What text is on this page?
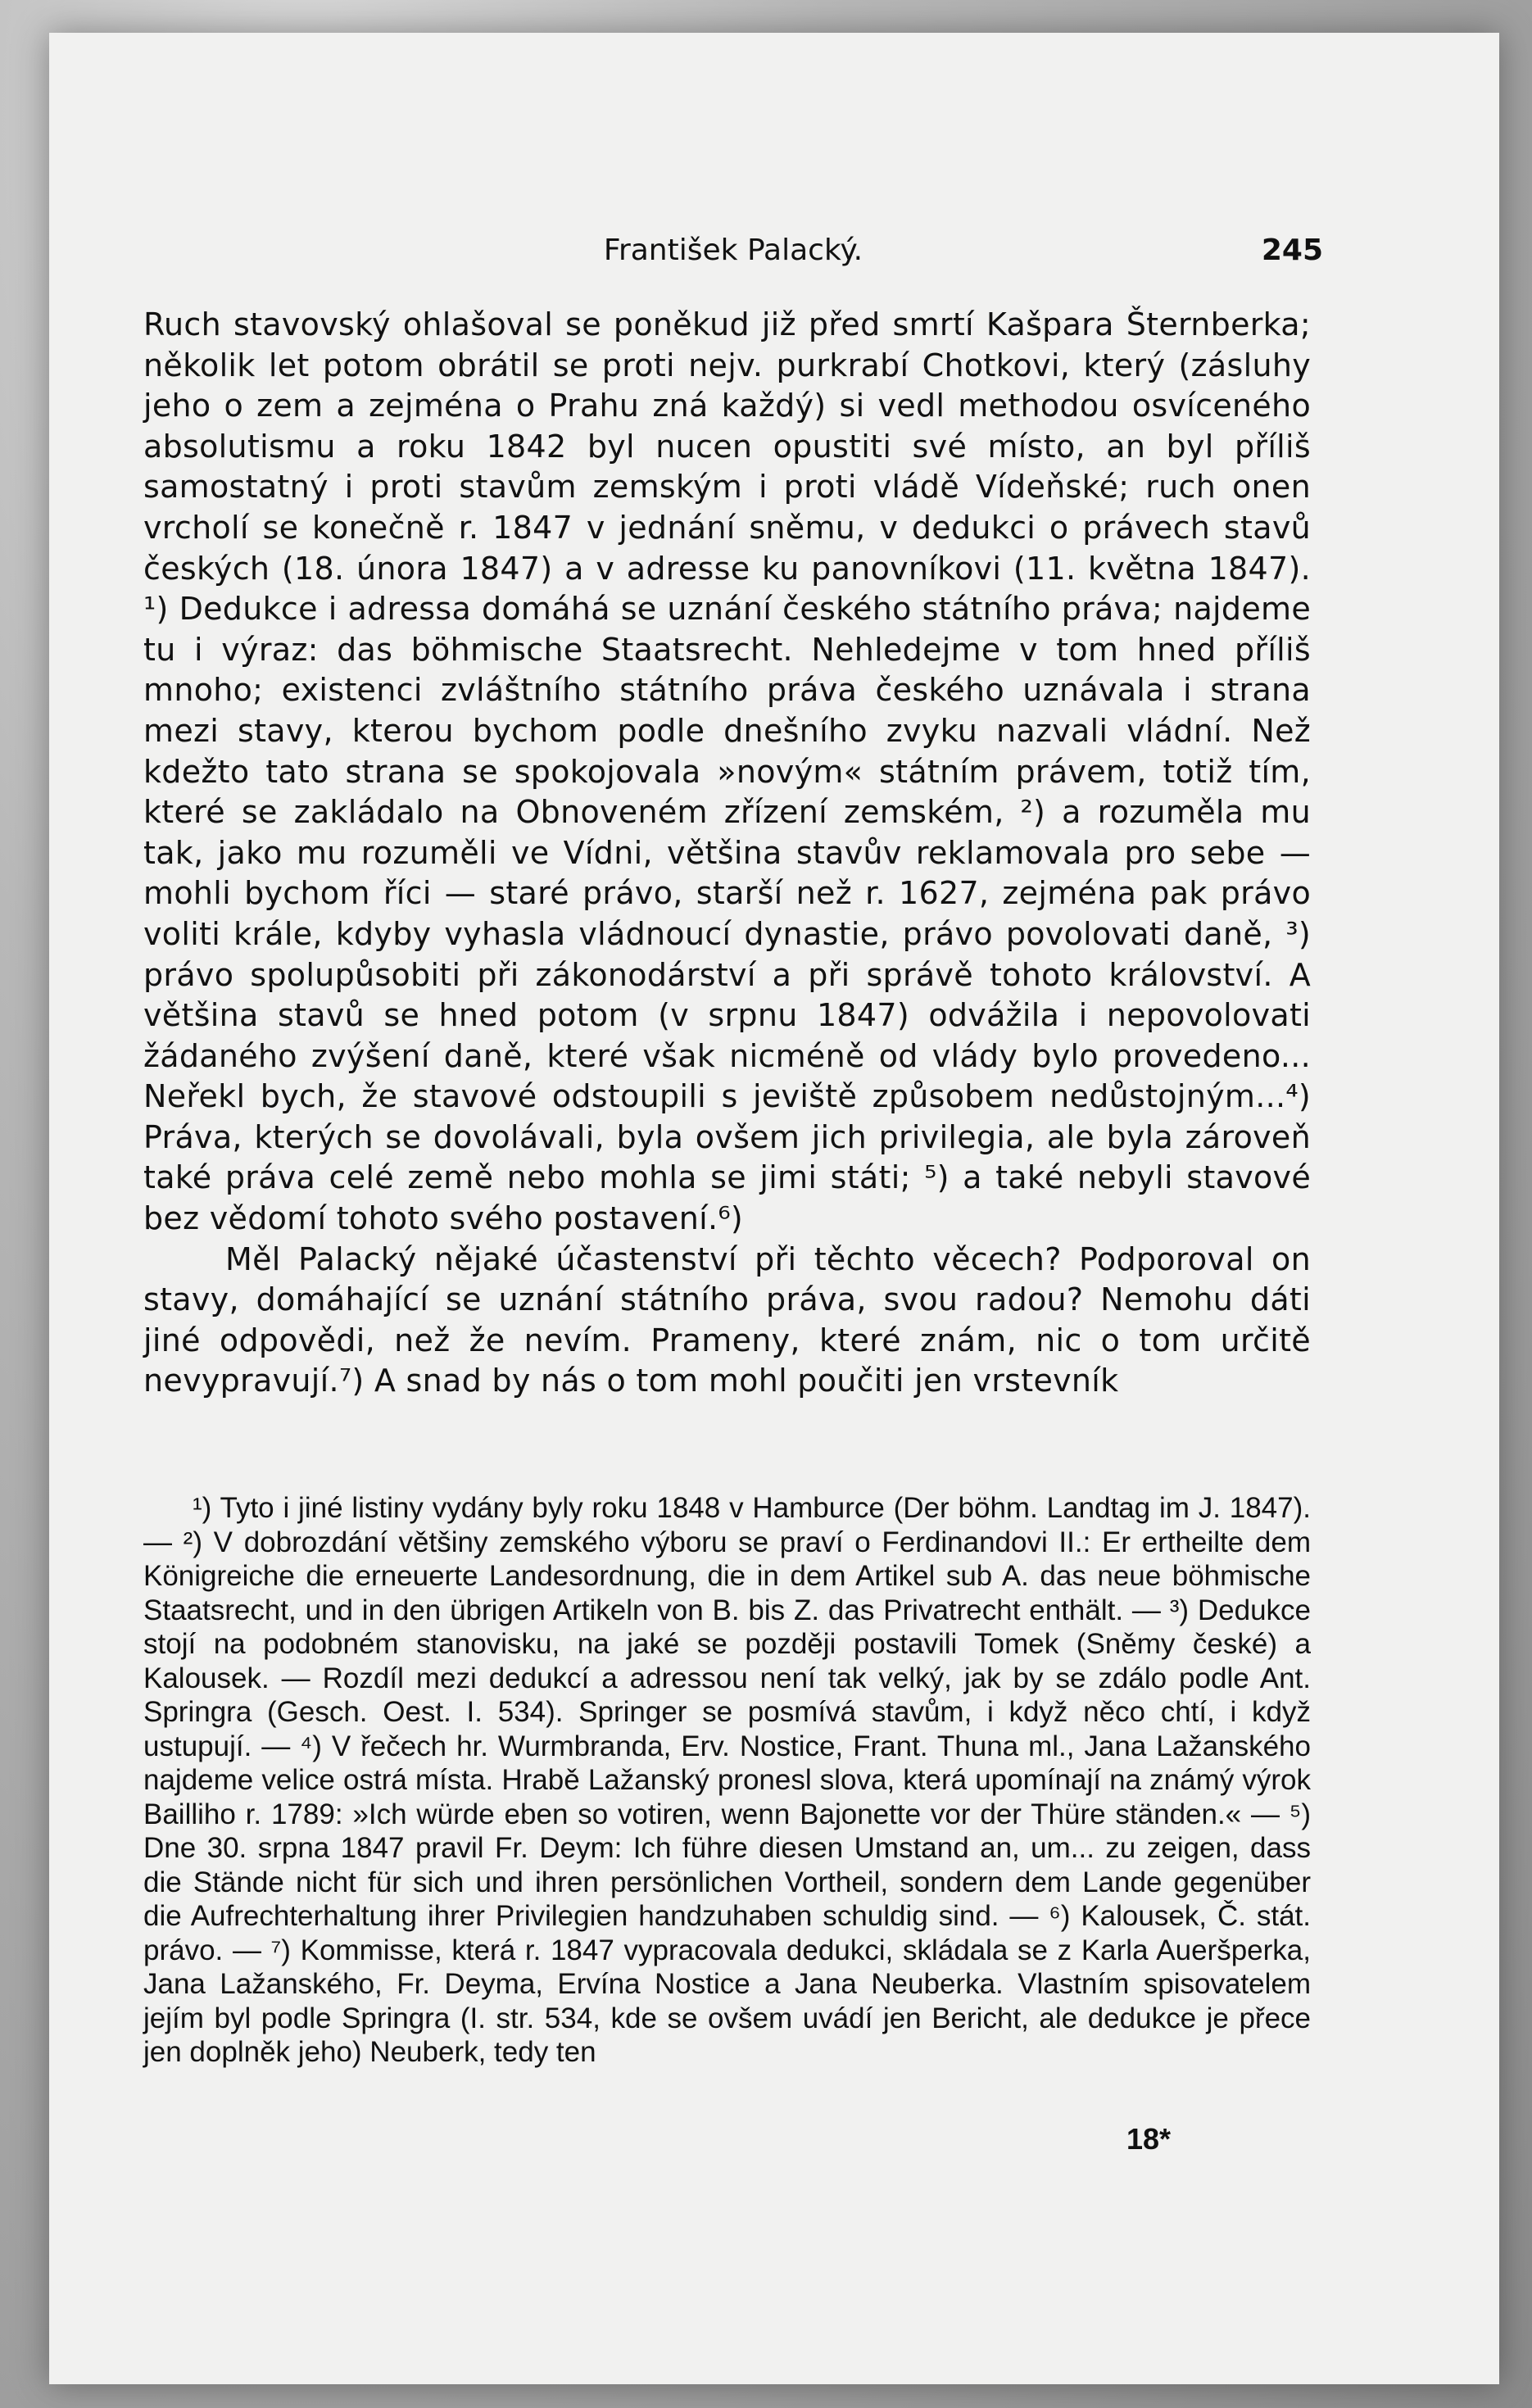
František Palacký.	245

Ruch stavovský ohlašoval se poněkud již před smrtí Kašpara Šternberka; několik let potom obrátil se proti nejv. purkrabí Chotkovi, který (zásluhy jeho o zem a zejména o Prahu zná každý) si vedl methodou osvíceného absolutismu a roku 1842 byl nucen opustiti své místo, an byl příliš samostatný i proti stavům zemským i proti vládě Vídeňské; ruch onen vrcholí se konečně r. 1847 v jednání sněmu, v dedukci o právech stavů českých (18. února 1847) a v adresse ku panovníkovi (11. května 1847). ¹) Dedukce i adressa domáhá se uznání českého státního práva; najdeme tu i výraz: das böhmische Staatsrecht. Nehledejme v tom hned příliš mnoho; existenci zvláštního státního práva českého uznávala i strana mezi stavy, kterou bychom podle dnešního zvyku nazvali vládní. Než kdežto tato strana se spokojovala »novým« státním právem, totiž tím, které se zakládalo na Obnoveném zřízení zemském, ²) a rozuměla mu tak, jako mu rozuměli ve Vídni, většina stavův reklamovala pro sebe — mohli bychom říci — staré právo, starší než r. 1627, zejména pak právo voliti krále, kdyby vyhasla vládnoucí dynastie, právo povolovati daně, ³) právo spolupůsobiti při zákonodárství a při správě tohoto království. A většina stavů se hned potom (v srpnu 1847) odvážila i nepovolovati žádaného zvýšení daně, které však nicméně od vlády bylo provedeno... Neřekl bych, že stavové odstoupili s jeviště způsobem nedůstojným...⁴) Práva, kterých se dovolávali, byla ovšem jich privilegia, ale byla zároveň také práva celé země nebo mohla se jimi státi; ⁵) a také nebyli stavové bez vědomí tohoto svého postavení.⁶)

Měl Palacký nějaké účastenství při těchto věcech? Podporoval on stavy, domáhající se uznání státního práva, svou radou? Nemohu dáti jiné odpovědi, než že nevím. Prameny, které znám, nic o tom určitě nevypravují.⁷) A snad by nás o tom mohl poučiti jen vrstevník

¹) Tyto i jiné listiny vydány byly roku 1848 v Hamburce (Der böhm. Landtag im J. 1847). — ²) V dobrozdání většiny zemského výboru se praví o Ferdinandovi II.: Er ertheilte dem Königreiche die erneuerte Landesordnung, die in dem Artikel sub A. das neue böhmische Staatsrecht, und in den übrigen Artikeln von B. bis Z. das Privatrecht enthält. — ³) Dedukce stojí na podobném stanovisku, na jaké se později postavili Tomek (Sněmy české) a Kalousek. — Rozdíl mezi dedukcí a adressou není tak velký, jak by se zdálo podle Ant. Springra (Gesch. Oest. I. 534). Springer se posmívá stavům, i když něco chtí, i když ustupují. — ⁴) V řečech hr. Wurmbranda, Erv. Nostice, Frant. Thuna ml., Jana Lažanského najdeme velice ostrá místa. Hrabě Lažanský pronesl slova, která upomínají na známý výrok Bailliho r. 1789: »Ich würde eben so votiren, wenn Bajonette vor der Thüre ständen.« — ⁵) Dne 30. srpna 1847 pravil Fr. Deym: Ich führe diesen Umstand an, um... zu zeigen, dass die Stände nicht für sich und ihren persönlichen Vortheil, sondern dem Lande gegenüber die Aufrechterhaltung ihrer Privilegien handzuhaben schuldig sind. — ⁶) Kalousek, Č. stát. právo. — ⁷) Kommisse, která r. 1847 vypracovala dedukci, skládala se z Karla Aueršperka, Jana Lažanského, Fr. Deyma, Ervína Nostice a Jana Neuberka. Vlastním spisovatelem jejím byl podle Springra (I. str. 534, kde se ovšem uvádí jen Bericht, ale dedukce je přece jen doplněk jeho) Neuberk, tedy ten

18*
